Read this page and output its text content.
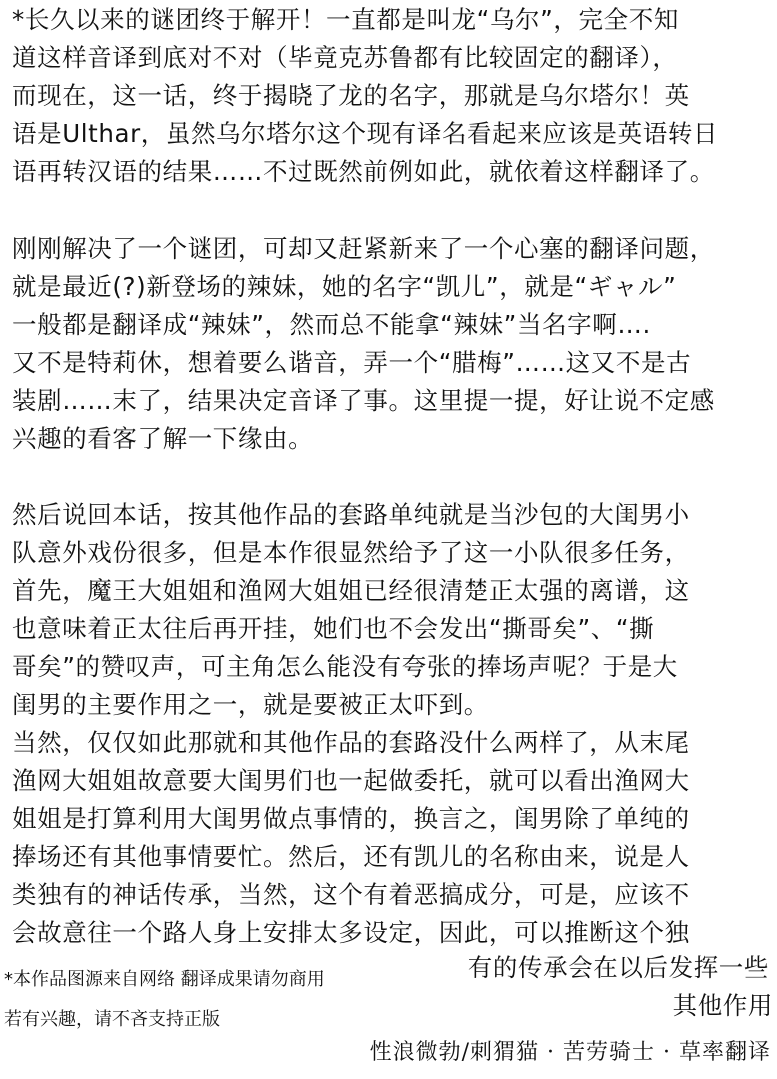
*长久以来的谜团终于解开！一直都是叫龙“乌尔”，完全不知
道这样音译到底对不对（毕竟克苏鲁都有比较固定的翻译），
而现在，这一话，终于揭晓了龙的名字，那就是乌尔塔尔！英
语是Ulthar，虽然乌尔塔尔这个现有译名看起来应该是英语转日
语再转汉语的结果……不过既然前例如此，就依着这样翻译了。
刚刚解决了一个谜团，可却又赶紧新来了一个心塞的翻译问题，
就是最近(?)新登场的辣妹，她的名字“凯儿”，就是“ギャル”
一般都是翻译成“辣妹”，然而总不能拿“辣妹”当名字啊….
又不是特莉休，想着要么谐音，弄一个“腊梅”……这又不是古
装剧……末了，结果决定音译了事。这里提一提，好让说不定感
兴趣的看客了解一下缘由。
然后说回本话，按其他作品的套路单纯就是当沙包的大闺男小
队意外戏份很多，但是本作很显然给予了这一小队很多任务，
首先，魔王大姐姐和渔网大姐姐已经很清楚正太强的离谱，这
也意味着正太往后再开挂，她们也不会发出“撕哥矣”、“撕
哥矣”的赞叹声，可主角怎么能没有夸张的捧场声呢？于是大
闺男的主要作用之一，就是要被正太吓到。
当然，仅仅如此那就和其他作品的套路没什么两样了，从末尾
渔网大姐姐故意要大闺男们也一起做委托，就可以看出渔网大
姐姐是打算利用大闺男做点事情的，换言之，闺男除了单纯的
捧场还有其他事情要忙。然后，还有凯儿的名称由来，说是人
类独有的神话传承，当然，这个有着恶搞成分，可是，应该不
会故意往一个路人身上安排太多设定，因此，可以推断这个独
有的传承会在以后发挥一些
其他作用
*本作品图源来自网络 翻译成果请勿商用
若有兴趣，请不吝支持正版
性浪微勃/刺猬猫 · 苦劳骑士 · 草率翻译
